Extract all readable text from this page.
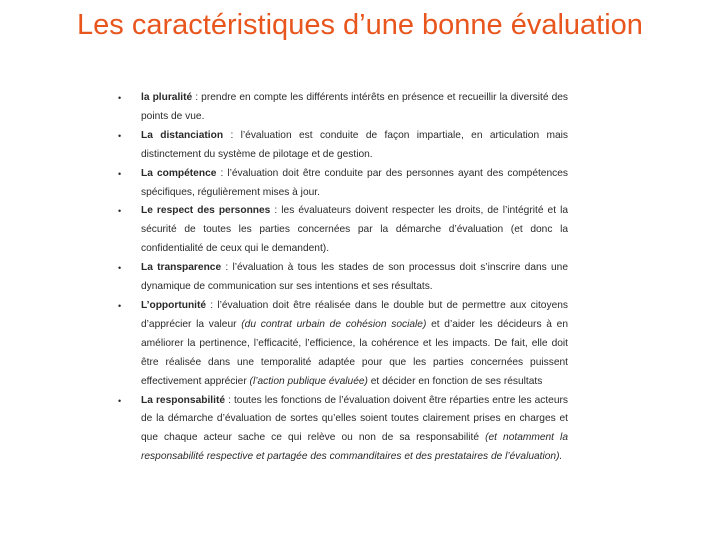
Les caractéristiques d’une bonne évaluation
• la pluralité : prendre en compte les différents intérêts en présence et recueillir la diversité des points de vue.
• La distanciation : l’évaluation est conduite de façon impartiale, en articulation mais distinctement du système de pilotage et de gestion.
• La compétence : l’évaluation doit être conduite par des personnes ayant des compétences spécifiques, régulièrement mises à jour.
• Le respect des personnes : les évaluateurs doivent respecter les droits, de l’intégrité et la sécurité de toutes les parties concernées par la démarche d’évaluation (et donc la confidentialité de ceux qui le demandent).
• La transparence : l’évaluation à tous les stades de son processus doit s’inscrire dans une dynamique de communication sur ses intentions et ses résultats.
• L’opportunité : l’évaluation doit être réalisée dans le double but de permettre aux citoyens d’apprécier la valeur (du contrat urbain de cohésion sociale) et d’aider les décideurs à en améliorer la pertinence, l’efficacité, l’efficience, la cohérence et les impacts. De fait, elle doit être réalisée dans une temporalité adaptée pour que les parties concernées puissent effectivement apprécier (l’action publique évaluée) et décider en fonction de ses résultats
• La responsabilité : toutes les fonctions de l’évaluation doivent être réparties entre les acteurs de la démarche d’évaluation de sortes qu’elles soient toutes clairement prises en charges et que chaque acteur sache ce qui relève ou non de sa responsabilité (et notamment la responsabilité respective et partagée des commanditaires et des prestataires de l’évaluation).
